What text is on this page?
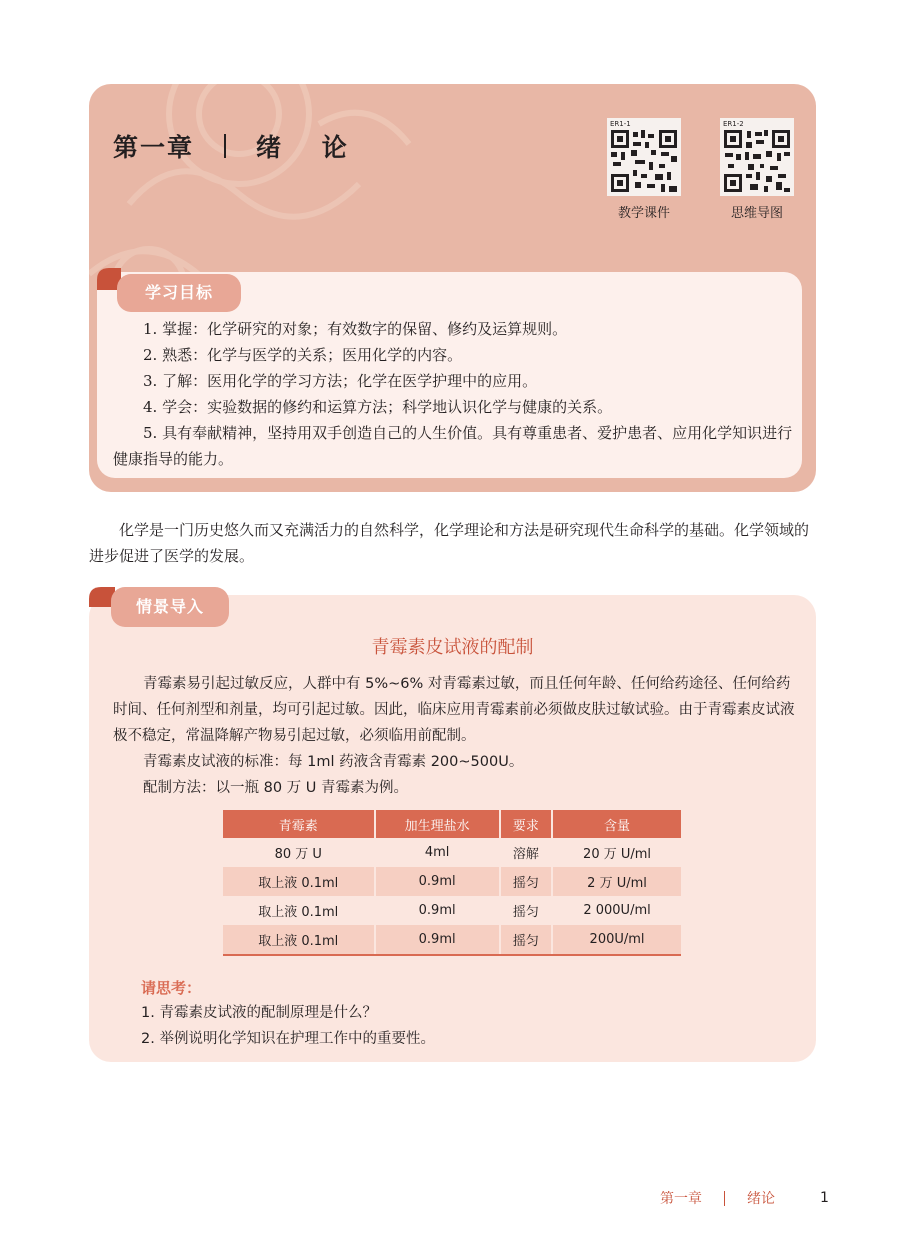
第一章 绪 论
ER1-1
教学课件
ER1-2
思维导图
学习目标
1. 掌握：化学研究的对象；有效数字的保留、修约及运算规则。
2. 熟悉：化学与医学的关系；医用化学的内容。
3. 了解：医用化学的学习方法；化学在医学护理中的应用。
4. 学会：实验数据的修约和运算方法；科学地认识化学与健康的关系。
5. 具有奉献精神，坚持用双手创造自己的人生价值。具有尊重患者、爱护患者、应用化学知识进行健康指导的能力。

化学是一门历史悠久而又充满活力的自然科学，化学理论和方法是研究现代生命科学的基础。化学领域的进步促进了医学的发展。

情景导入
青霉素皮试液的配制

青霉素易引起过敏反应，人群中有 5%~6% 对青霉素过敏，而且任何年龄、任何给药途径、任何给药时间、任何剂型和剂量，均可引起过敏。因此，临床应用青霉素前必须做皮肤过敏试验。由于青霉素皮试液极不稳定，常温降解产物易引起过敏，必须临用前配制。

青霉素皮试液的标准：每 1ml 药液含青霉素 200~500U。

配制方法：以一瓶 80 万 U 青霉素为例。

青霉素	加生理盐水	要求	含量
80 万 U	4ml	溶解	20 万 U/ml
取上液 0.1ml	0.9ml	摇匀	2 万 U/ml
取上液 0.1ml	0.9ml	摇匀	2 000U/ml
取上液 0.1ml	0.9ml	摇匀	200U/ml
请思考：
1. 青霉素皮试液的配制原理是什么？
2. 举例说明化学知识在护理工作中的重要性。
第一章	绪论	1
